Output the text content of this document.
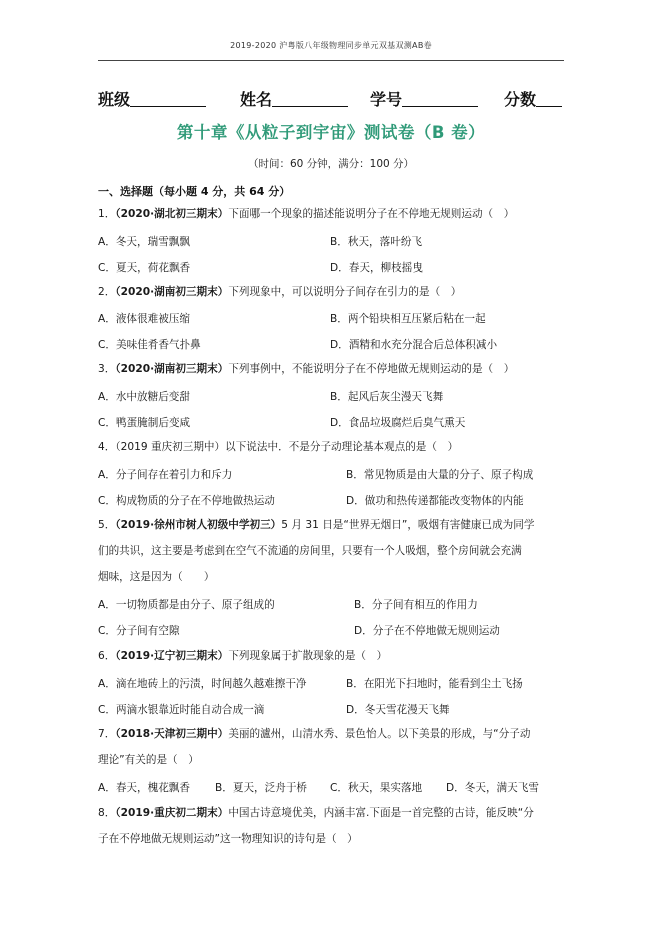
2019-2020 沪粤版八年级物理同步单元双基双测AB卷
班级	姓名	学号	分数
第十章《从粒子到宇宙》测试卷（B 卷）
（时间：60 分钟，满分：100 分）
一、选择题（每小题 4 分，共 64 分）
1．（2020·湖北初三期末）下面哪一个现象的描述能说明分子在不停地无规则运动（　）
A．冬天，瑞雪飘飘	B．秋天，落叶纷飞
C．夏天，荷花飘香	D．春天，柳枝摇曳
2．（2020·湖南初三期末）下列现象中，可以说明分子间存在引力的是（　）
A．液体很难被压缩	B．两个铅块相互压紧后粘在一起
C．美味佳肴香气扑鼻	D．酒精和水充分混合后总体积减小
3．（2020·湖南初三期末）下列事例中，不能说明分子在不停地做无规则运动的是（　）
A．水中放糖后变甜	B．起风后灰尘漫天飞舞
C．鸭蛋腌制后变咸	D．食品垃圾腐烂后臭气熏天
4．（2019 重庆初三期中）以下说法中．不是分子动理论基本观点的是（　）
A．分子间存在着引力和斥力	B．常见物质是由大量的分子、原子构成
C．构成物质的分子在不停地做热运动	D．做功和热传递都能改变物体的内能
5．（2019·徐州市树人初级中学初三）5 月 31 日是“世界无烟日”，吸烟有害健康已成为同学
们的共识，这主要是考虑到在空气不流通的房间里，只要有一个人吸烟，整个房间就会充满
烟味，这是因为（　　）
A．一切物质都是由分子、原子组成的	B．分子间有相互的作用力
C．分子间有空隙	D．分子在不停地做无规则运动
6．（2019·辽宁初三期末）下列现象属于扩散现象的是（　）
A．滴在地砖上的污渍，时间越久越难擦干净	B．在阳光下扫地时，能看到尘土飞扬
C．两滴水银靠近时能自动合成一滴	D．冬天雪花漫天飞舞
7．（2018·天津初三期中）美丽的瀘州，山清水秀、景色怡人。以下美景的形成，与“分子动
理论”有关的是（　）
A．春天，槐花飘香 B．夏天，泛舟于桥 C．秋天，果实落地 D．冬天，满天飞雪
8．（2019·重庆初二期末）中国古诗意境优美，内涵丰富.下面是一首完整的古诗，能反映“分
子在不停地做无规则运动”这一物理知识的诗句是（　）
